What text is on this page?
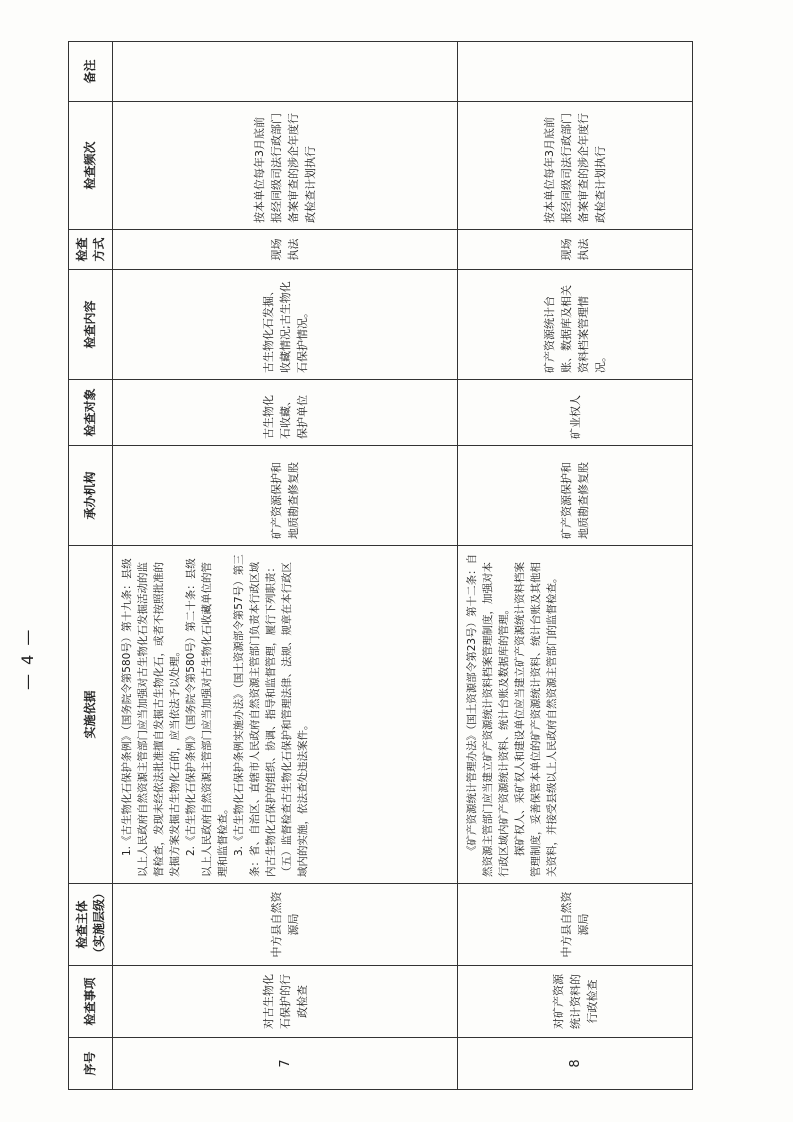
序号	检查事项	检查主体（实施层级）	实施依据	承办机构	检查对象	检查内容	检查方式	检查频次	备注
7	对古生物化石保护的行政检查	中方县自然资源局	1.《古生物化石保护条例》（国务院令第580号）第十九条：县级以上人民政府自然资源主管部门应当加强对古生物化石发掘活动的监督检查，发现未经依法批准擅自发掘古生物化石，或者不按照批准的发掘方案发掘古生物化石的，应当依法予以处理。 2.《古生物化石保护条例》（国务院令第580号）第二十条：县级以上人民政府自然资源主管部门应当加强对古生物化石收藏单位的管理和监督检查。 3.《古生物化石保护条例实施办法》（国土资源部令第57号）第三条：省、自治区、直辖市人民政府自然资源主管部门负责本行政区域内古生物化石保护的组织、协调、指导和监督管理，履行下列职责：（五）监督检查古生物化石保护和管理法律、法规、规章在本行政区域内的实施，依法查处违法案件。	矿产资源保护和地质勘查修复股	古生物化石收藏、保护单位	古生物化石发掘、收藏情况;古生物化石保护情况。	现场执法	按本单位每年3月底前报经同级司法行政部门备案审查的涉企年度行政检查计划执行	
8	对矿产资源统计资料的行政检查	中方县自然资源局	《矿产资源统计管理办法》（国土资源部令第23号）第十二条：自然资源主管部门应当建立矿产资源统计资料档案管理制度，加强对本行政区域内矿产资源统计资料、统计台账及数据库的管理。 探矿权人、采矿权人和建设单位应当建立矿产资源统计资料档案管理制度，妥善保管本单位的矿产资源统计资料、统计台账及其他相关资料，并接受县级以上人民政府自然资源主管部门的监督检查。	矿产资源保护和地质勘查修复股	矿业权人	矿产资源统计台账、数据库及相关资料档案管理情况。	现场执法	按本单位每年3月底前报经同级司法行政部门备案审查的涉企年度行政检查计划执行	
— 4 —
